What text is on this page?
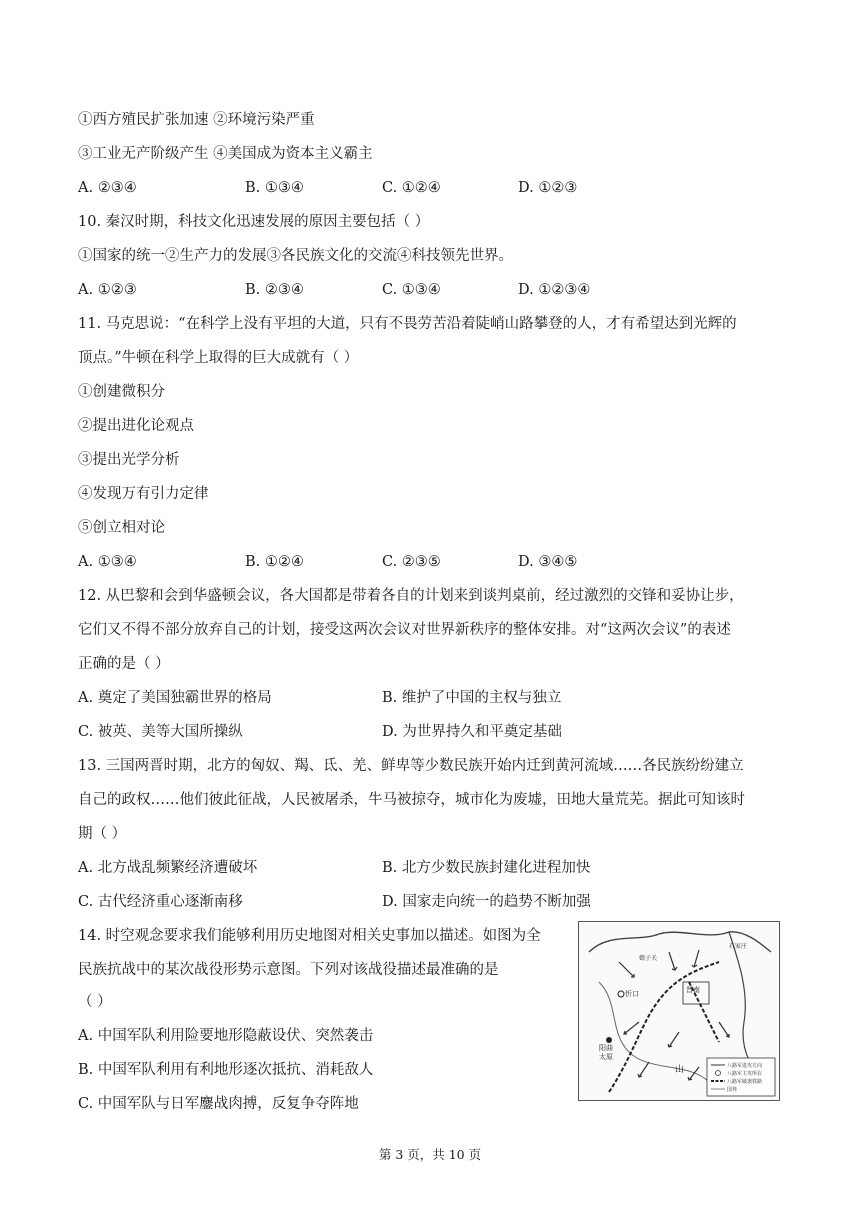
①西方殖民扩张加速 ②环境污染严重
③工业无产阶级产生 ④美国成为资本主义霸主
A. ②③④	B. ①③④	C. ①②④	D. ①②③
10. 秦汉时期，科技文化迅速发展的原因主要包括（ ）
①国家的统一②生产力的发展③各民族文化的交流④科技领先世界。
A. ①②③	B. ②③④	C. ①③④	D. ①②③④
11. 马克思说：“在科学上没有平坦的大道，只有不畏劳苦沿着陡峭山路攀登的人，才有希望达到光辉的
顶点。”牛顿在科学上取得的巨大成就有（ ）
①创建微积分
②提出进化论观点
③提出光学分析
④发现万有引力定律
⑤创立相对论
A. ①③④	B. ①②④	C. ②③⑤	D. ③④⑤
12. 从巴黎和会到华盛顿会议，各大国都是带着各自的计划来到谈判桌前，经过激烈的交锋和妥协让步，
它们又不得不部分放弃自己的计划，接受这两次会议对世界新秩序的整体安排。对“这两次会议”的表述
正确的是（ ）
A. 奠定了美国独霸世界的格局	B. 维护了中国的主权与独立
C. 被英、美等大国所操纵	D. 为世界持久和平奠定基础
13. 三国两晋时期，北方的匈奴、羯、氐、羌、鲜卑等少数民族开始内迁到黄河流域……各民族纷纷建立
自己的政权……他们彼此征战，人民被屠杀，牛马被掠夺，城市化为废墟，田地大量荒芜。据此可知该时
期（ ）
A. 北方战乱频繁经济遭破坏	B. 北方少数民族封建化进程加快
C. 古代经济重心逐渐南移	D. 国家走向统一的趋势不断加强
14. 时空观念要求我们能够利用历史地图对相关史事加以描述。如图为全
民族抗战中的某次战役形势示意图。下列对该战役描述最准确的是
（ ）
A. 中国军队利用险要地形隐蔽设伏、突然袭击
B. 中国军队利用有利地形逐次抵抗、消耗敌人
C. 中国军队与日军鏖战肉搏，反复争夺阵地
忻口
阳曲
太原
晋南
山
石家庄
娘子关
八路军进攻方向
八路军主攻所在
八路军破袭铁路
国界
第 3 页，共 10 页
